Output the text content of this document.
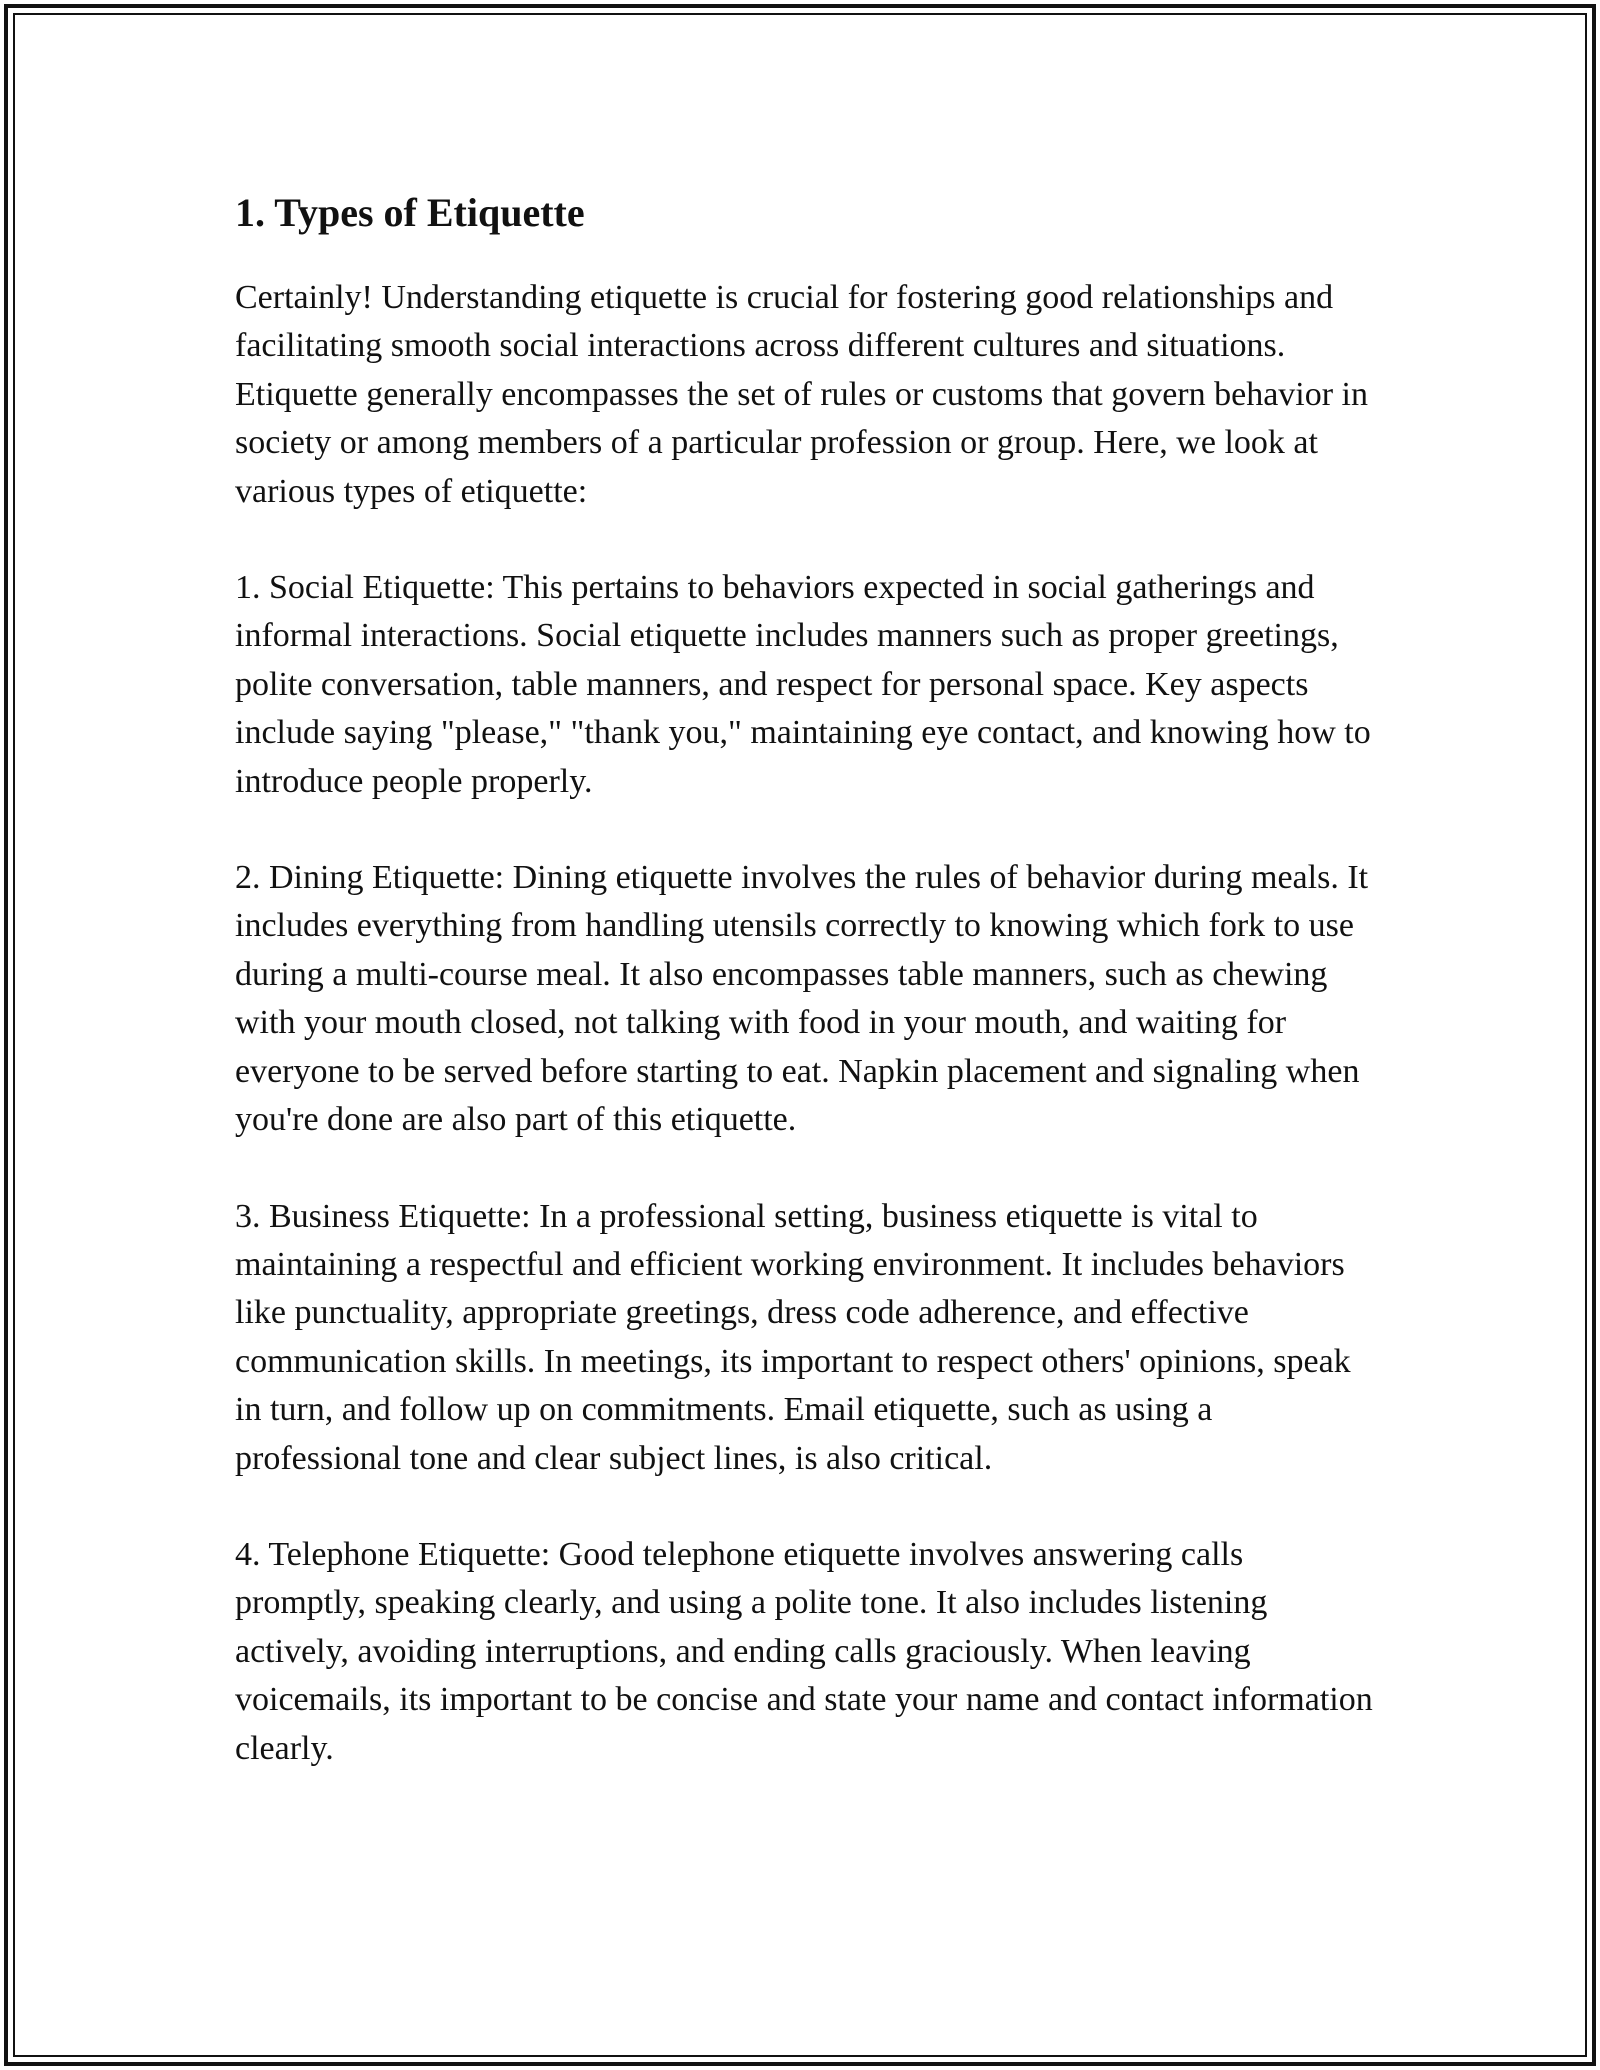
1. Types of Etiquette

Certainly! Understanding etiquette is crucial for fostering good relationships and facilitating smooth social interactions across different cultures and situations. Etiquette generally encompasses the set of rules or customs that govern behavior in society or among members of a particular profession or group. Here, we look at various types of etiquette:

1. Social Etiquette: This pertains to behaviors expected in social gatherings and informal interactions. Social etiquette includes manners such as proper greetings, polite conversation, table manners, and respect for personal space. Key aspects include saying "please," "thank you," maintaining eye contact, and knowing how to introduce people properly.

2. Dining Etiquette: Dining etiquette involves the rules of behavior during meals. It includes everything from handling utensils correctly to knowing which fork to use during a multi-course meal. It also encompasses table manners, such as chewing with your mouth closed, not talking with food in your mouth, and waiting for everyone to be served before starting to eat. Napkin placement and signaling when you're done are also part of this etiquette.

3. Business Etiquette: In a professional setting, business etiquette is vital to maintaining a respectful and efficient working environment. It includes behaviors like punctuality, appropriate greetings, dress code adherence, and effective communication skills. In meetings, its important to respect others' opinions, speak in turn, and follow up on commitments. Email etiquette, such as using a professional tone and clear subject lines, is also critical.

4. Telephone Etiquette: Good telephone etiquette involves answering calls promptly, speaking clearly, and using a polite tone. It also includes listening actively, avoiding interruptions, and ending calls graciously. When leaving voicemails, its important to be concise and state your name and contact information clearly.
